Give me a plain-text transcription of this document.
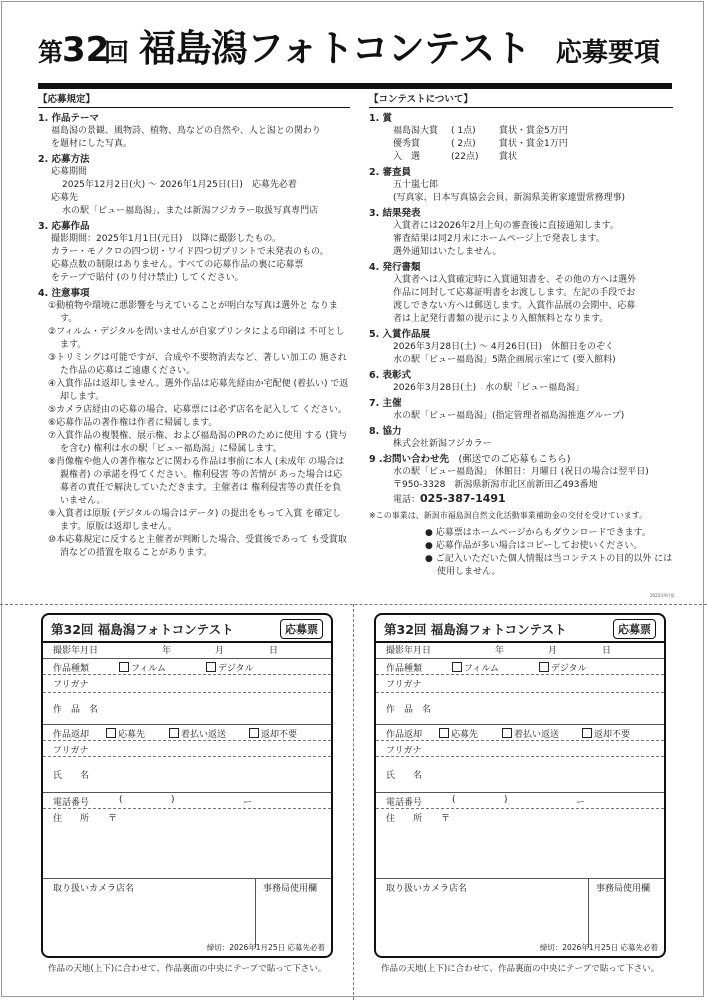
第
32
回 福島潟フォトコンテスト 応募要項
【応募規定】
1. 作品テーマ
福島潟の景観、風物詩、植物、鳥などの自然や、人と潟との関わり
を題材にした写真。
2. 応募方法
応募期間
2025年12月2日(火) ～ 2026年1月25日(日)　応募先必着
応募先
水の駅「ビュー福島潟」、または新潟フジカラー取扱写真専門店
3. 応募作品
撮影期間：2025年1月1日(元日)　以降に撮影したもの。
カラー・モノクロの四つ切・ワイド四つ切プリントで未発表のもの。
応募点数の制限はありません。すべての応募作品の裏に応募票
をテープで貼付 (のり付け禁止) してください。
4. 注意事項
①動植物や環境に悪影響を与えていることが明白な写真は選外と なります。
②フィルム・デジタルを問いませんが自家プリンタによる印刷は 不可とします。
③トリミングは可能ですが、合成や不要物消去など、著しい加工の 施された作品の応募はご遠慮ください。
④入賞作品は返却しません。選外作品は応募先経由か宅配便 (着払い) で返却します。
⑤カメラ店経由の応募の場合、応募票には必ず店名を記入して ください。
⑥応募作品の著作権は作者に帰属します。
⑦入賞作品の複製権、展示権、および福島潟のPRのために使用 する (貸与を含む) 権利は水の駅「ビュー福島潟」に帰属します。
⑧肖像権や他人の著作権などに関わる作品は事前に本人 (未成年 の場合は親権者) の承諾を得てください。権利侵害 等の苦情が あった場合は応募者の責任で解決していただきます。主催者は 権利侵害等の責任を負いません。
⑨入賞者は原版 (デジタルの場合はデータ) の提出をもって入賞 を確定します。原版は返却しません。
⑩本応募規定に反すると主催者が判断した場合、受賞後であって も受賞取消などの措置を取ることがあります。
【コンテストについて】
1. 賞
福島潟大賞	( 1点)	賞状・賞金5万円
優秀賞	( 2点)	賞状・賞金1万円
入　選	(22点)	賞状
2. 審査員
五十嵐七郎
(写真家、日本写真協会会員、新潟県美術家連盟常務理事)
3. 結果発表
入賞者には2026年2月上旬の審査後に直接通知します。
審査結果は同2月末にホームページ上で発表します。
選外通知はいたしません。
4. 発行書類
入賞者へは入賞確定時に入賞通知書を、その他の方へは選外
作品に同封して応募証明書をお渡しします。左記の手段でお
渡しできない方へは郵送します。入賞作品展の会期中、応募
者は上記発行書類の提示により入館無料となります。
5. 入賞作品展
2026年3月28日(土) ～ 4月26日(日)　休館日をのぞく
水の駅「ビュー福島潟」5階企画展示室にて (要入館料)
6. 表彰式
2026年3月28日(土)　水の駅「ビュー福島潟」
7. 主催
水の駅「ビュー福島潟」(指定管理者福島潟推進グループ)
8. 協力
株式会社新潟フジカラー
9 .お問い合わせ先　 (郵送でのご応募もこちら)
水の駅「ビュー福島潟」 休館日：月曜日 (祝日の場合は翌平日)
〒950-3328　新潟県新潟市北区前新田乙493番地
電話：025-387-1491
※この事業は、新潟市福島潟自然文化活動事業補助金の交付を受けています。
● 応募票はホームページからもダウンロードできます。
● 応募作品が多い場合はコピーしてお使いください。
● ご記入いただいた個人情報は当コンテストの目的以外 には使用しません。
2025年9月版
第32回 福島潟フォトコンテスト	応募票
撮影年月日	年	月	日
作品種類	フィルム	デジタル
フリガナ
作　品　名
作品返却	応募先	着払い返送	返却不要
フリガナ
氏　　名
電話番号	(	)	ー
住　　所 〒
取り扱いカメラ店名	事務局使用欄
締切：2026年1月25日 応募先必着
第32回 福島潟フォトコンテスト	応募票
撮影年月日	年	月	日
作品種類	フィルム	デジタル
フリガナ
作　品　名
作品返却	応募先	着払い返送	返却不要
フリガナ
氏　　名
電話番号	(	)	ー
住　　所 〒
取り扱いカメラ店名	事務局使用欄
締切：2026年1月25日 応募先必着
作品の天地(上下)に合わせて、作品裏面の中央にテープで貼って下さい。	作品の天地(上下)に合わせて、作品裏面の中央にテープで貼って下さい。
